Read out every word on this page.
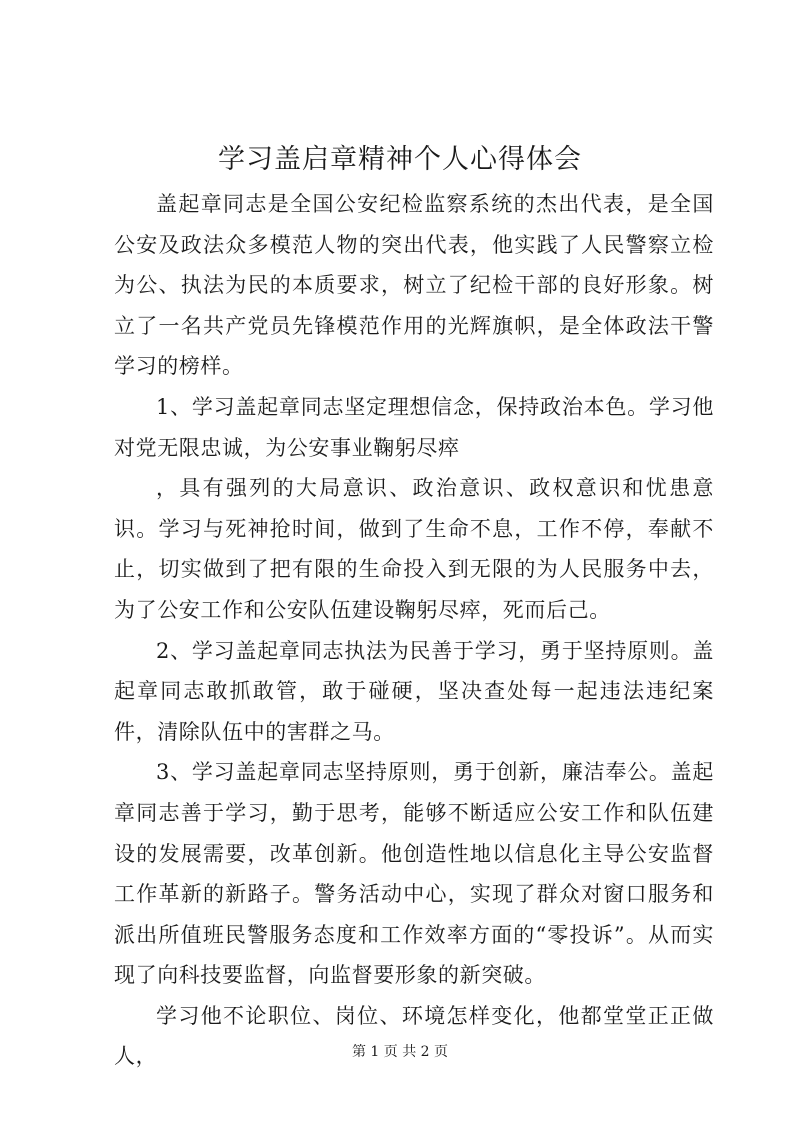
学习盖启章精神个人心得体会

盖起章同志是全国公安纪检监察系统的杰出代表，是全国公安及政法众多模范人物的突出代表，他实践了人民警察立检为公、执法为民的本质要求，树立了纪检干部的良好形象。树立了一名共产党员先锋模范作用的光辉旗帜，是全体政法干警学习的榜样。

1、学习盖起章同志坚定理想信念，保持政治本色。学习他对党无限忠诚，为公安事业鞠躬尽瘁

，具有强列的大局意识、政治意识、政权意识和忧患意识。学习与死神抢时间，做到了生命不息，工作不停，奉献不止，切实做到了把有限的生命投入到无限的为人民服务中去，为了公安工作和公安队伍建设鞠躬尽瘁，死而后己。

2、学习盖起章同志执法为民善于学习，勇于坚持原则。盖起章同志敢抓敢管，敢于碰硬，坚决查处每一起违法违纪案件，清除队伍中的害群之马。

3、学习盖起章同志坚持原则，勇于创新，廉洁奉公。盖起章同志善于学习，勤于思考，能够不断适应公安工作和队伍建设的发展需要，改革创新。他创造性地以信息化主导公安监督工作革新的新路子。警务活动中心，实现了群众对窗口服务和派出所值班民警服务态度和工作效率方面的“零投诉”。从而实现了向科技要监督，向监督要形象的新突破。

学习他不论职位、岗位、环境怎样变化，他都堂堂正正做人，	第 1 页 共 2 页
